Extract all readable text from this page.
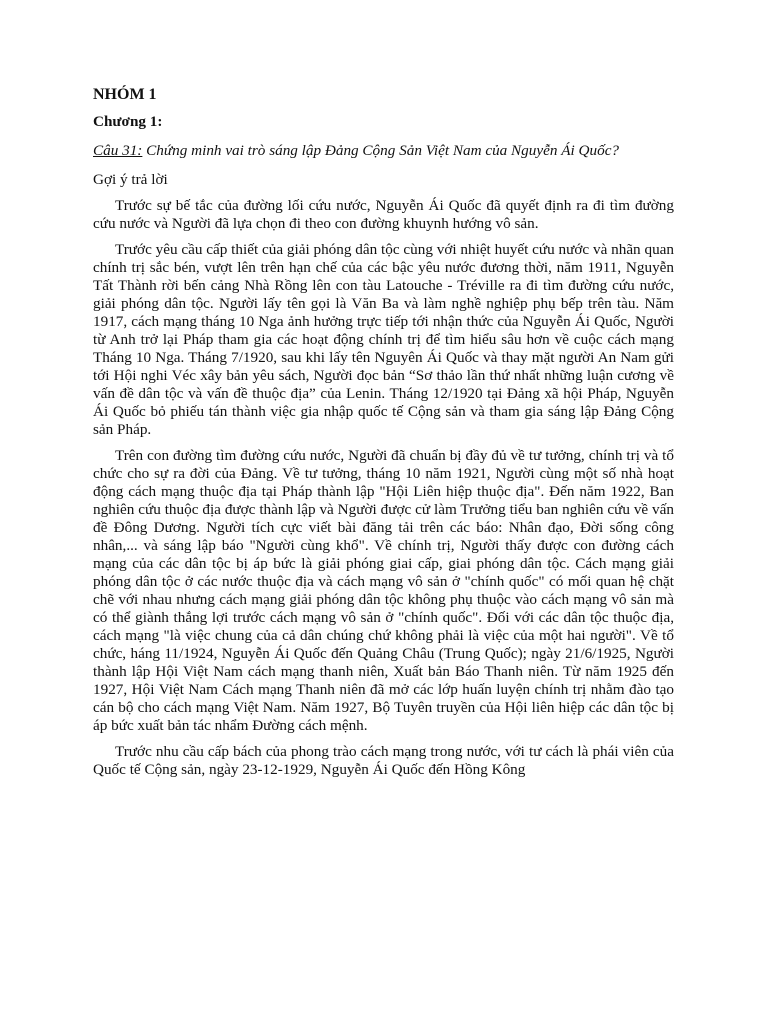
NHÓM 1
Chương 1:
Câu 31: Chứng minh vai trò sáng lập Đảng Cộng Sản Việt Nam của Nguyễn Ái Quốc?
Gợi ý trả lời

Trước sự bế tắc của đường lối cứu nước, Nguyễn Ái Quốc đã quyết định ra đi tìm đường cứu nước và Người đã lựa chọn đi theo con đường khuynh hướng vô sản.

Trước yêu cầu cấp thiết của giải phóng dân tộc cùng với nhiệt huyết cứu nước và nhãn quan chính trị sắc bén, vượt lên trên hạn chế của các bậc yêu nước đương thời, năm 1911, Nguyễn Tất Thành rời bến cảng Nhà Rồng lên con tàu Latouche - Tréville ra đi tìm đường cứu nước, giải phóng dân tộc. Người lấy tên gọi là Văn Ba và làm nghề nghiệp phụ bếp trên tàu. Năm 1917, cách mạng tháng 10 Nga ảnh hưởng trực tiếp tới nhận thức của Nguyễn Ái Quốc, Người từ Anh trở lại Pháp tham gia các hoạt động chính trị để tìm hiểu sâu hơn về cuộc cách mạng Tháng 10 Nga. Tháng 7/1920, sau khi lấy tên Nguyên Ái Quốc và thay mặt người An Nam gửi tới Hội nghi Véc xây bản yêu sách, Người đọc bản “Sơ thảo lần thứ nhất những luận cương về vấn đề dân tộc và vấn đề thuộc địa” của Lenin. Tháng 12/1920 tại Đảng xã hội Pháp, Nguyễn Ái Quốc bỏ phiếu tán thành việc gia nhập quốc tế Cộng sản và tham gia sáng lập Đảng Cộng sản Pháp.

Trên con đường tìm đường cứu nước, Người đã chuẩn bị đầy đủ về tư tưởng, chính trị và tổ chức cho sự ra đời của Đảng. Về tư tưởng, tháng 10 năm 1921, Người cùng một số nhà hoạt động cách mạng thuộc địa tại Pháp thành lập "Hội Liên hiệp thuộc địa". Đến năm 1922, Ban nghiên cứu thuộc địa được thành lập và Người được cử làm Trưởng tiểu ban nghiên cứu về vấn đề Đông Dương. Người tích cực viết bài đăng tải trên các báo: Nhân đạo, Đời sống công nhân,... và sáng lập báo "Người cùng khổ". Về chính trị, Người thấy được con đường cách mạng của các dân tộc bị áp bức là giải phóng giai cấp, giai phóng dân tộc. Cách mạng giải phóng dân tộc ở các nước thuộc địa và cách mạng vô sản ở "chính quốc" có mối quan hệ chặt chẽ với nhau nhưng cách mạng giải phóng dân tộc không phụ thuộc vào cách mạng vô sản mà có thể giành thắng lợi trước cách mạng vô sản ở "chính quốc". Đối với các dân tộc thuộc địa, cách mạng "là việc chung của cả dân chúng chứ không phải là việc của một hai người". Về tổ chức, háng 11/1924, Nguyễn Ái Quốc đến Quảng Châu (Trung Quốc); ngày 21/6/1925, Người thành lập Hội Việt Nam cách mạng thanh niên, Xuất bản Báo Thanh niên. Từ năm 1925 đến 1927, Hội Việt Nam Cách mạng Thanh niên đã mở các lớp huấn luyện chính trị nhằm đào tạo cán bộ cho cách mạng Việt Nam. Năm 1927, Bộ Tuyên truyền của Hội liên hiệp các dân tộc bị áp bức xuất bản tác nhẩm Đường cách mệnh.

Trước nhu cầu cấp bách của phong trào cách mạng trong nước, với tư cách là phái viên của Quốc tế Cộng sản, ngày 23-12-1929, Nguyễn Ái Quốc đến Hồng Kông
